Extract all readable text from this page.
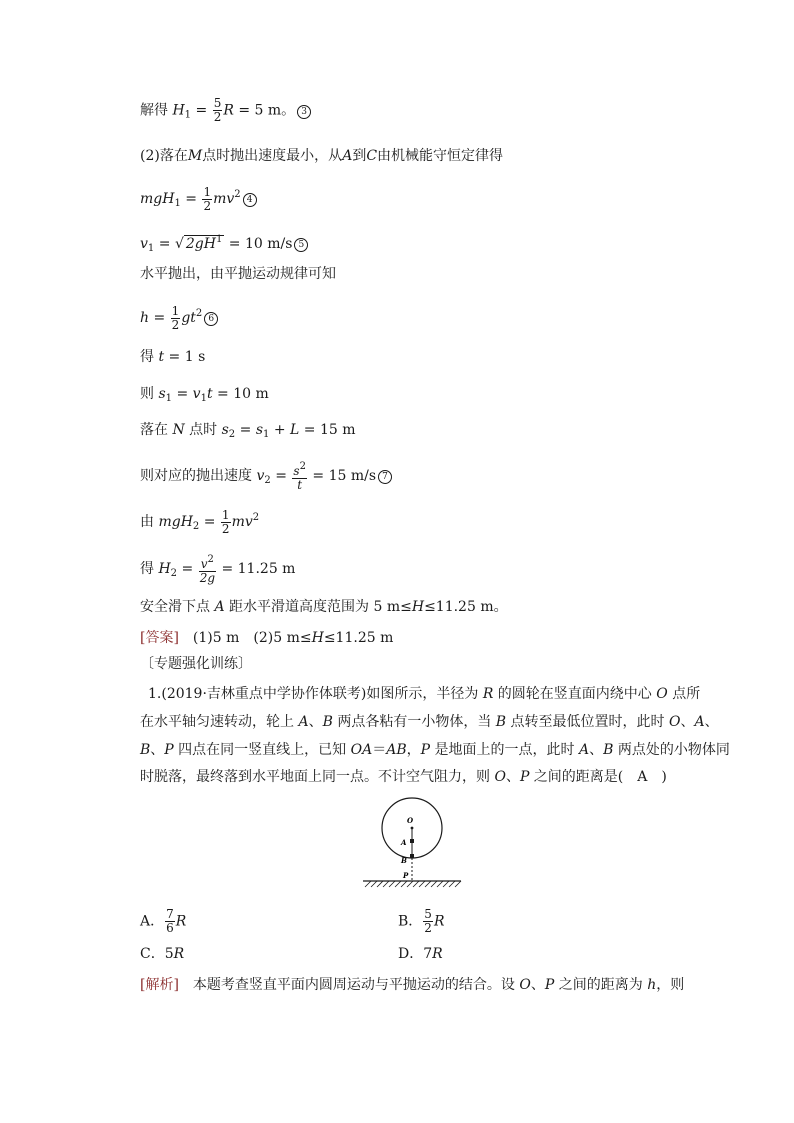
解得 $H_1 = \frac{5}{2}$ R = 5 m。 3
(2)落在M点时抛出速度最小，从A到C由机械能守恒定律得
$mgH_1 = \frac{1}{2} mv^2$ 4
$v_1$ = √ $2gH^1 = 10$ m/s 5
水平抛出，由平抛运动规律可知
$h = \frac{1}{2} gt^2$ 6
得 t = 1 s
则 $s_1 = v_1t = 10$ m
落在 N 点时 $s_2 = s_1 + L = 15$ m
则对应的抛出速度 $v_2 = \frac{s^2}{t} = 15$ m/s 7
由 $mgH_2 = \frac{1}{2} mv^2$
得 $H_2 = \frac{v^2}{2g} = 11.25$ m
安全滑下点 A 距水平滑道高度范围为 5 m≤H≤11.25 m。
[答案]　(1)5 m　(2)5 m≤H≤11.25 m
〔专题强化训练〕
1.(2019·吉林重点中学协作体联考)如图所示，半径为 R 的圆轮在竖直面内绕中心 O 点所
在水平轴匀速转动，轮上 A、B 两点各粘有一小物体，当 B 点转至最低位置时，此时 O、A、
B、P 四点在同一竖直线上，已知 OA＝AB，P 是地面上的一点，此时 A、B 两点处的小物体同
时脱落，最终落到水平地面上同一点。不计空气阻力，则 O、P 之间的距离是(　A　)
O
A
B
P
A． $\frac{7}{6}$ R	B． $\frac{5}{2}$ R
C．5R	D．7R
[解析]　本题考查竖直平面内圆周运动与平抛运动的结合。设 O、P 之间的距离为 h，则
